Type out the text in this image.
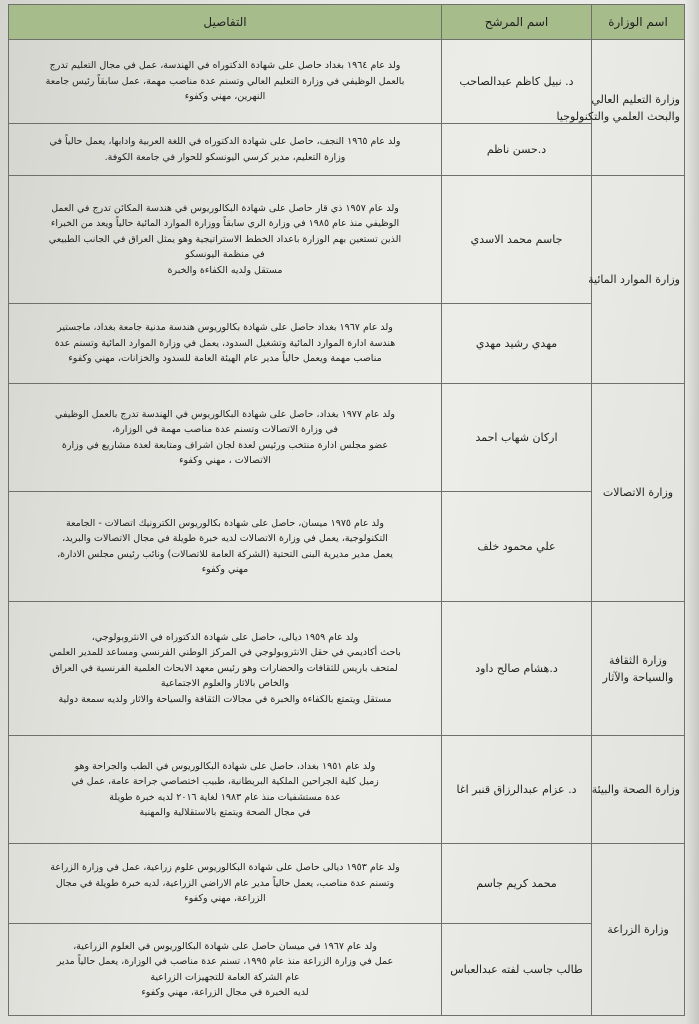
اسم الوزارة	اسم المرشح	التفاصيل

وزارة التعليم العالي
والبحث العلمي والتكنولوجيا	د. نبيل كاظم عبدالصاحب	ولد عام ١٩٦٤ بغداد حاصل على شهادة الدكتوراه في الهندسة، عمل في مجال التعليم تدرج
بالعمل الوظيفي في وزارة التعليم العالي وتسنم عدة مناصب مهمة، عمل سابقاً رئيس جامعة
النهرين، مهني وكفوء

	د.حسن ناظم	ولد عام ١٩٦٥ النجف، حاصل على شهادة الدكتوراه في اللغة العربية وادابها، يعمل حالياً في
وزارة التعليم، مدير كرسي اليونسكو للحوار في جامعة الكوفة.

وزارة الموارد المائية	جاسم محمد الاسدي	ولد عام ١٩٥٧ ذي قار حاصل على شهادة البكالوريوس في هندسة المكائن تدرج في العمل
الوظيفي منذ عام ١٩٨٥ في وزارة الري سابقاً ووزارة الموارد المائية حالياً ويعد من الخبراء
الذين تستعين بهم الوزارة باعداد الخطط الاستراتيجية وهو يمثل العراق في الجانب الطبيعي
في منظمة اليونسكو
مستقل ولديه الكفاءة والخبرة

	مهدي رشيد مهدي	ولد عام ١٩٦٧ بغداد حاصل على شهادة بكالوريوس هندسة مدنية جامعة بغداد، ماجستير
هندسة ادارة الموارد المائية وتشغيل السدود، يعمل في وزارة الموارد المائية وتسنم عدة
مناصب مهمة ويعمل حالياً مدير عام الهيئة العامة للسدود والخزانات، مهني وكفوء

وزارة الاتصالات	اركان شهاب احمد	ولد عام ١٩٧٧ بغداد، حاصل على شهادة البكالوريوس في الهندسة تدرج بالعمل الوظيفي
في وزارة الاتصالات وتسنم عدة مناصب مهمة في الوزارة،
عضو مجلس ادارة منتخب ورئيس لعدة لجان اشراف ومتابعة لعدة مشاريع في وزارة
الاتصالات ، مهني وكفوء

	علي محمود خلف	ولد عام ١٩٧٥ ميسان، حاصل على شهادة بكالوريوس الكترونيك اتصالات - الجامعة
التكنولوجية، يعمل في وزارة الاتصالات لديه خبرة طويلة في مجال الاتصالات والبريد،
يعمل مدير مديرية البنى التحتية (الشركة العامة للاتصالات) ونائب رئيس مجلس الادارة،
مهني وكفوء

وزارة الثقافة
والسياحة والآثار	د.هشام صالح داود	ولد عام ١٩٥٩ ديالى، حاصل على شهادة الدكتوراه في الانثروبولوجي،
باحث أكاديمي في حقل الانثروبولوجي في المركز الوطني الفرنسي ومساعد للمدير العلمي
لمتحف باريس للثقافات والحضارات وهو رئيس معهد الابحاث العلمية الفرنسية في العراق
والخاص بالاثار والعلوم الاجتماعية
مستقل ويتمتع بالكفاءة والخبرة في مجالات الثقافة والسياحة والاثار ولديه سمعة دولية

وزارة الصحة والبيئة	د. عزام عبدالرزاق قنبر اغا	ولد عام ١٩٥١ بغداد، حاصل على شهادة البكالوريوس في الطب والجراحة وهو
زميل كلية الجراحين الملكية البريطانية، طبيب اختصاصي جراحة عامة، عمل في
عدة مستشفيات منذ عام ١٩٨٣ لغاية ٢٠١٦ لديه خبرة طويلة
في مجال الصحة ويتمتع بالاستقلالية والمهنية

وزارة الزراعة	محمد كريم جاسم	ولد عام ١٩٥٣ ديالى حاصل على شهادة البكالوريوس علوم زراعية، عمل في وزارة الزراعة
وتسنم عدة مناصب، يعمل حالياً مدير عام الاراضي الزراعية، لديه خبرة طويلة في مجال
الزراعة، مهني وكفوء

	طالب جاسب لفته عبدالعباس	ولد عام ١٩٦٧ في ميسان حاصل على شهادة البكالوريوس في العلوم الزراعية،
عمل في وزارة الزراعة منذ عام ١٩٩٥، تسنم عدة مناصب في الوزارة، يعمل حالياً مدير
عام الشركة العامة للتجهيزات الزراعية
لديه الخبرة في مجال الزراعة، مهني وكفوء
